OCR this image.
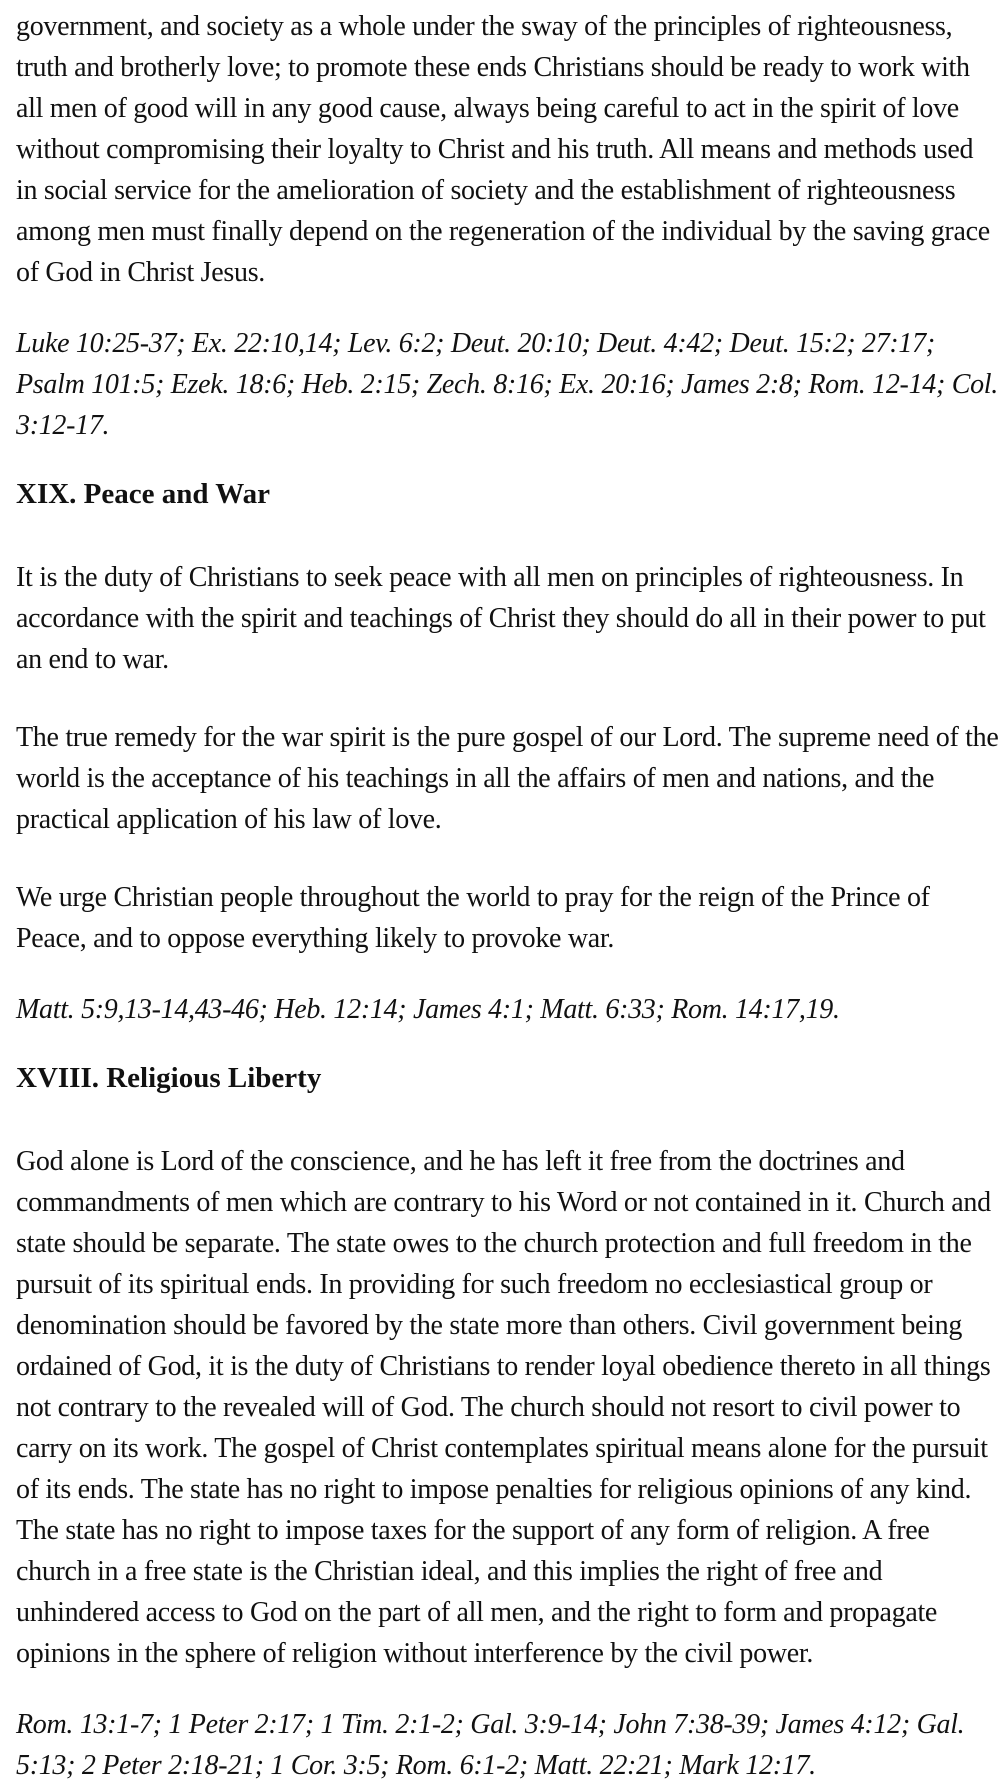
government, and society as a whole under the sway of the principles of righteousness, truth and brotherly love; to promote these ends Christians should be ready to work with all men of good will in any good cause, always being careful to act in the spirit of love without compromising their loyalty to Christ and his truth. All means and methods used in social service for the amelioration of society and the establishment of righteousness among men must finally depend on the regeneration of the individual by the saving grace of God in Christ Jesus.

Luke 10:25-37; Ex. 22:10,14; Lev. 6:2; Deut. 20:10; Deut. 4:42; Deut. 15:2; 27:17; Psalm 101:5; Ezek. 18:6; Heb. 2:15; Zech. 8:16; Ex. 20:16; James 2:8; Rom. 12-14; Col. 3:12-17.

XIX. Peace and War

It is the duty of Christians to seek peace with all men on principles of righteousness. In accordance with the spirit and teachings of Christ they should do all in their power to put an end to war.

The true remedy for the war spirit is the pure gospel of our Lord. The supreme need of the world is the acceptance of his teachings in all the affairs of men and nations, and the practical application of his law of love.

We urge Christian people throughout the world to pray for the reign of the Prince of Peace, and to oppose everything likely to provoke war.

Matt. 5:9,13-14,43-46; Heb. 12:14; James 4:1; Matt. 6:33; Rom. 14:17,19.

XVIII. Religious Liberty

God alone is Lord of the conscience, and he has left it free from the doctrines and commandments of men which are contrary to his Word or not contained in it. Church and state should be separate. The state owes to the church protection and full freedom in the pursuit of its spiritual ends. In providing for such freedom no ecclesiastical group or denomination should be favored by the state more than others. Civil government being ordained of God, it is the duty of Christians to render loyal obedience thereto in all things not contrary to the revealed will of God. The church should not resort to civil power to carry on its work. The gospel of Christ contemplates spiritual means alone for the pursuit of its ends. The state has no right to impose penalties for religious opinions of any kind. The state has no right to impose taxes for the support of any form of religion. A free church in a free state is the Christian ideal, and this implies the right of free and unhindered access to God on the part of all men, and the right to form and propagate opinions in the sphere of religion without interference by the civil power.

Rom. 13:1-7; 1 Peter 2:17; 1 Tim. 2:1-2; Gal. 3:9-14; John 7:38-39; James 4:12; Gal. 5:13; 2 Peter 2:18-21; 1 Cor. 3:5; Rom. 6:1-2; Matt. 22:21; Mark 12:17.
